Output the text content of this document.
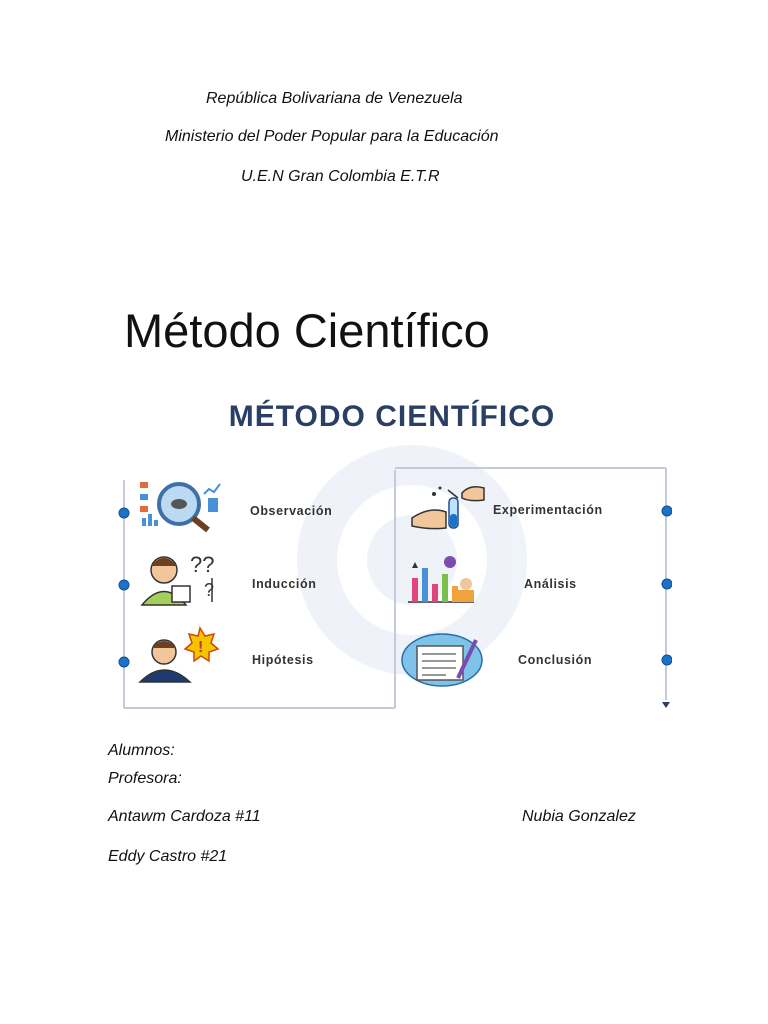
República Bolivariana de Venezuela
Ministerio del Poder Popular para la Educación
U.E.N Gran Colombia E.T.R
Método Científico
MÉTODO CIENTÍFICO
??
?
!
Observación
Inducción
Hipótesis
Experimentación
Análisis
Conclusión
Alumnos:
Profesora:
Antawm Cardoza #11	Nubia Gonzalez
Eddy Castro #21
